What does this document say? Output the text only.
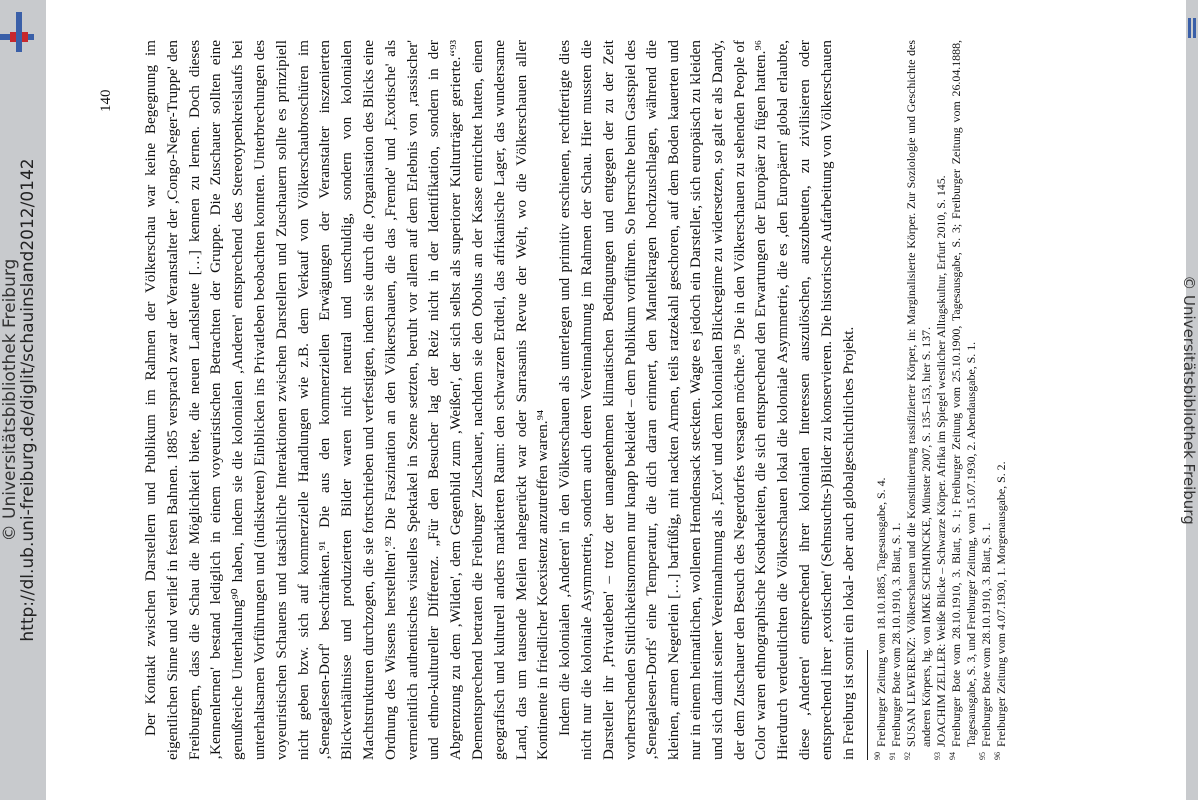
© Universitätsbibliothek Freiburg
http://dl.ub.uni-freiburg.de/diglit/schauinsland2012/0142	© Universitätsbibliothek Freiburg
140 Der Kontakt zwischen Darstellern und Publikum im Rahmen der Völkerschau war keine Begegnung im eigentlichen Sinne und verlief in festen Bahnen. 1885 versprach zwar der Veranstalter der ‚Congo-Neger-Truppe' den Freiburgern, dass die Schau die Möglichkeit biete, die neuen Landsleute […] kennen zu lernen. Doch dieses ‚Kennenlernen' bestand lediglich in einem voyeuristischen Betrachten der Gruppe. Die Zuschauer sollten eine genußreiche Unterhaltung⁹⁰ haben, indem sie die kolonialen ‚Anderen' entsprechend des Stereotypenkreislaufs bei unterhaltsamen Vorführungen und (indiskreten) Einblicken ins Privatleben beobachten konnten. Unterbrechungen des voyeuristischen Schauens und tatsächliche Interaktionen zwischen Darstellern und Zuschauern sollte es prinzipiell nicht geben bzw. sich auf kommerzielle Handlungen wie z.B. dem Verkauf von Völkerschaubroschüren im ‚Senegalesen-Dorf' beschränken.⁹¹ Die aus den kommerziellen Erwägungen der Veranstalter inszenierten Blickverhältnisse und produzierten Bilder waren nicht neutral und unschuldig, sondern von kolonialen Machtstrukturen durchzogen, die sie fortschrieben und verfestigten, indem sie durch die ‚Organisation des Blicks eine Ordnung des Wissens herstellten'.⁹² Die Faszination an den Völkerschauen, die das ‚Fremde' und ‚Exotische' als vermeintlich authentisches visuelles Spektakel in Szene setzten, beruht vor allem auf dem Erlebnis von ‚rassischer' und ethno-kultureller Differenz. „Für den Besucher lag der Reiz nicht in der Identifikation, sondern in der Abgrenzung zu dem ‚Wilden', dem Gegenbild zum ‚Weißen', der sich selbst als superiorer Kulturträger gerierte.“⁹³ Dementsprechend betraten die Freiburger Zuschauer, nachdem sie den Obolus an der Kasse entrichtet hatten, einen geografisch und kulturell anders markierten Raum: den schwarzen Erdteil, das afrikanische Lager, das wundersame Land, das um tausende Meilen nahegerückt war oder Sarrasanis Revue der Welt, wo die Völkerschauen aller Kontinente in friedlicher Koexistenz anzutreffen waren.⁹⁴ Indem die kolonialen ‚Anderen' in den Völkerschauen als unterlegen und primitiv erschienen, rechtfertigte dies nicht nur die koloniale Asymmetrie, sondern auch deren Vereinnahmung im Rahmen der Schau. Hier mussten die Darsteller ihr ‚Privatleben' – trotz der unangenehmen klimatischen Bedingungen und entgegen der zu der Zeit vorherrschenden Sittlichkeitsnormen nur knapp bekleidet – dem Publikum vorführen. So herrschte beim Gastspiel des ‚Senegalesen-Dorfs' eine Temperatur, die dich daran erinnert, den Mantelkragen hochzuschlagen, während die kleinen, armen Negerlein […] barfüßig, mit nackten Armen, teils ratzekahl geschoren, auf dem Boden kauerten und nur in einem heimatlichen, wollenen Hemdensack steckten. Wagte es jedoch ein Darsteller, sich europäisch zu kleiden und sich damit seiner Vereinnahmung als ‚Exot' und dem kolonialen Blickregime zu widersetzen, so galt er als Dandy, der dem Zuschauer den Besuch des Negerdorfes versagen möchte.⁹⁵ Die in den Völkerschauen zu sehenden People of Color waren ethnographische Kostbarkeiten, die sich entsprechend den Erwartungen der Europäer zu fügen hatten.⁹⁶ Hierdurch verdeutlichten die Völkerschauen lokal die koloniale Asymmetrie, die es ‚den Europäern' global erlaubte, diese ‚Anderen' entsprechend ihrer kolonialen Interessen auszulöschen, auszubeuten, zu zivilisieren oder entsprechend ihrer ‚exotischen' (Sehnsuchts-)Bilder zu konservieren. Die historische Aufarbeitung von Völkerschauen in Freiburg ist somit ein lokal- aber auch globalgeschichtliches Projekt.	90
Freiburger Zeitung vom 18.10.1885, Tagesausgabe, S. 4.
91
Freiburger Bote vom 28.10.1910, 3. Blatt, S. 1.
92
SUSAN LEWERENZ: Völkerschauen und die Konstituierung rassifizierter Körper, in: Marginalisierte Körper. Zur Soziologie und Geschichte des anderen Körpers, hg. von IMKE SCHMINCKE, Münster 2007, S. 135–153, hier S. 137.
93
JOACHIM ZELLER: Weiße Blicke – Schwarze Körper. Afrika im Spiegel westlicher Alltagskultur, Erfurt 2010, S. 145.
94
Freiburger Bote vom 28.10.1910, 3. Blatt, S. 1; Freiburger Zeitung vom 25.10.1900, Tagesausgabe, S. 3; Freiburger Zeitung vom 26.04.1888, Tagesausgabe, S. 3, und Freiburger Zeitung, vom 15.07.1930, 2. Abendausgabe, S. 1.
95
Freiburger Bote vom 28.10.1910, 3. Blatt, S. 1.
96
Freiburger Zeitung vom 4.07.1930, 1. Morgenausgabe, S. 2.
